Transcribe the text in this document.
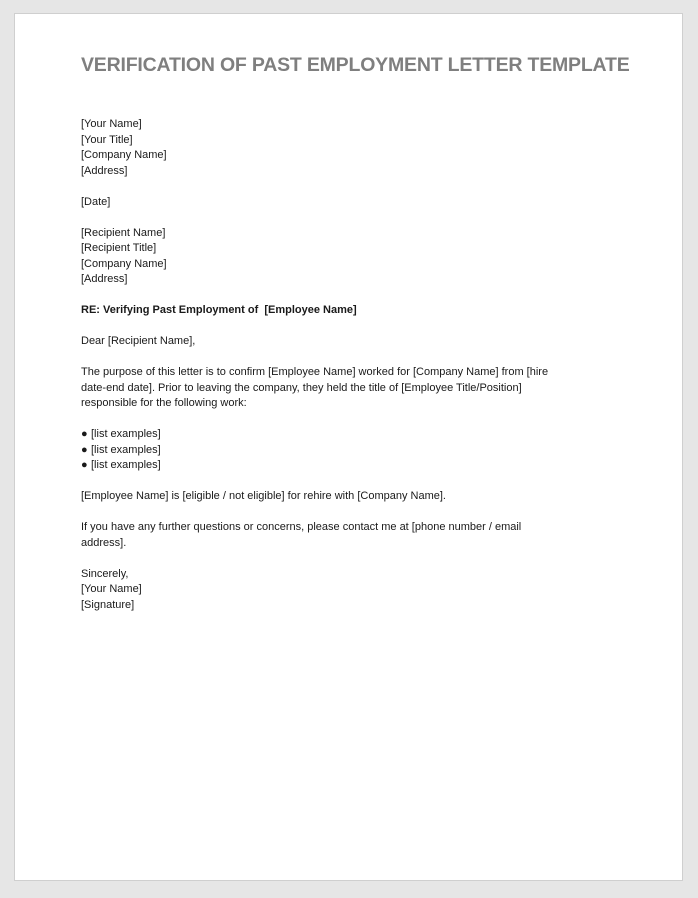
VERIFICATION OF PAST EMPLOYMENT LETTER TEMPLATE
[Your Name]
[Your Title]
[Company Name]
[Address]
[Date]
[Recipient Name]
[Recipient Title]
[Company Name]
[Address]
RE: Verifying Past Employment of  [Employee Name]
Dear [Recipient Name],
The purpose of this letter is to confirm [Employee Name] worked for [Company Name] from [hire
date-end date]. Prior to leaving the company, they held the title of [Employee Title/Position]
responsible for the following work:
● [list examples]
● [list examples]
● [list examples]
[Employee Name] is [eligible / not eligible] for rehire with [Company Name].
If you have any further questions or concerns, please contact me at [phone number / email
address].
Sincerely,
[Your Name]
[Signature]
